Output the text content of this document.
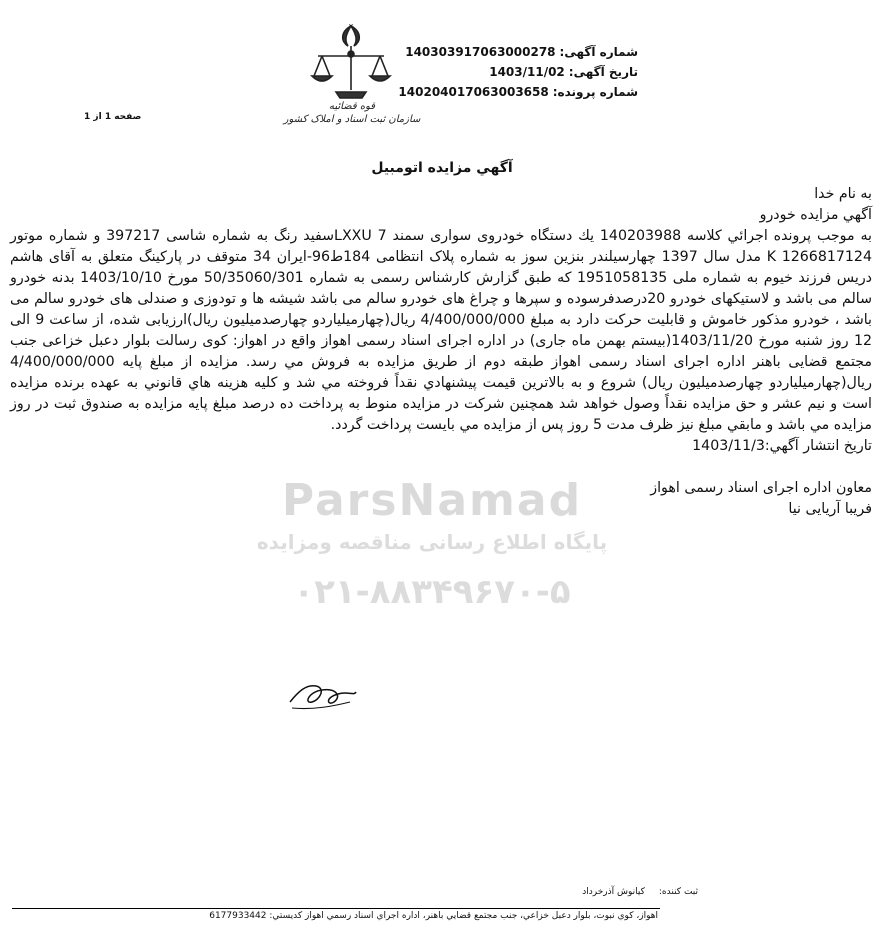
شماره آگهی:
140303917063000278
تاریخ آگهی:
1403/11/02
شماره پرونده:
140204017063003658
قوه قضائیه
سازمان ثبت اسناد و املاک کشور
صفحه 1 از 1
آگهي مزايده اتومبيل
ParsNamad
پایگاه اطلاع رسانی مناقصه ومزایده
۰۲۱-۸۸۳۴۹۶۷۰-۵

به نام خدا

آگهي مزايده خودرو

به موجب پرونده اجرائي كلاسه 140203988 يك دستگاه خودروی سواری سمند LXXU 7سفید رنگ به شماره شاسی 397217 و شماره موتور 1266817124 K مدل سال 1397 چهارسیلندر بنزین سوز به شماره پلاک انتظامی 184ط96-ایران 34 متوقف در پارکینگ متعلق به آقای هاشم دریس فرزند خیوم به شماره ملی 1951058135 که طبق گزارش کارشناس رسمی به شماره 50/35060/301 مورخ 1403/10/10 بدنه خودرو سالم می باشد و لاستیکهای خودرو 20درصدفرسوده و سپرها و چراغ های خودرو سالم می باشد شیشه ها و تودوزی و صندلی های خودرو سالم می باشد ، خودرو مذکور خاموش و قابلیت حرکت دارد به مبلغ 4/400/000/000 ريال(چهارمیلیاردو چهارصدمیلیون ريال)ارزيابی شده، از ساعت 9 الی 12 روز شنبه مورخ 1403/11/20(بیستم بهمن ماه جاری) در اداره اجرای اسناد رسمی اهواز واقع در اهواز: کوی رسالت بلوار دعبل خزاعی جنب مجتمع قضایی باهنر اداره اجرای اسناد رسمی اهواز طبقه دوم از طريق مزايده به فروش مي رسد. مزايده از مبلغ پايه 4/400/000/000 ريال(چهارمیلیاردو چهارصدمیلیون ريال) شروع و به بالاترين قيمت پيشنهادي نقداً فروخته مي شد و كليه هزينه هاي قانوني به عهده برنده مزايده است و نيم عشر و حق مزايده نقداً وصول خواهد شد همچنين شركت در مزايده منوط به پرداخت ده درصد مبلغ پايه مزايده به صندوق ثبت در روز مزايده مي باشد و مابقي مبلغ نيز ظرف مدت 5 روز پس از مزايده مي بايست پرداخت گردد.

تاريخ انتشار آگهي:1403/11/3

معاون اداره اجرای اسناد رسمی اهواز

فريبا آريايی نيا

ثبت کننده:
کیانوش آذرخرداد
اهواز، کوي نبوت، بلوار دعبل خزاعي، جنب مجتمع قضايي باهنر، اداره اجراي اسناد رسمي اهواز کديستي: 6177933442
